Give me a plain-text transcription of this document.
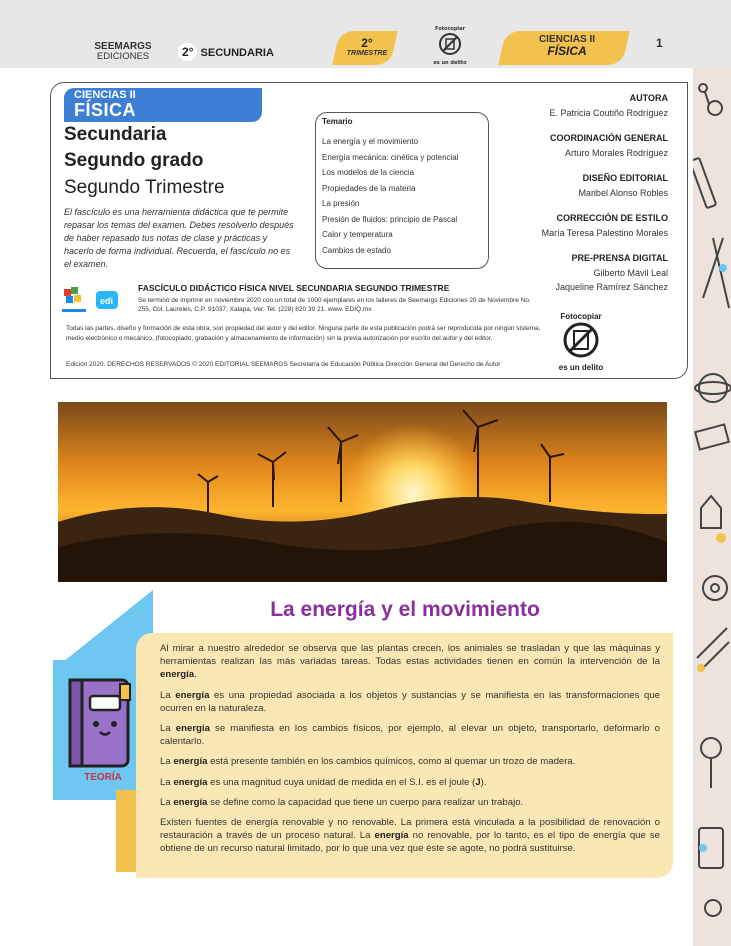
SEEMARGS
EDICIONES	2° SECUNDARIA
2°
TRIMESTRE
Fotocopiar
es un delito
CIENCIAS II
FÍSICA
1
CIENCIAS II
FÍSICA
Secundaria
Segundo grado
Segundo Trimestre
El fascículo es una herramienta didáctica que te permite repasar los temas del examen. Debes resolverlo después de haber repasado tus notas de clase y prácticas y hacerlo de forma individual. Recuerda, el fascículo no es el examen.
Temario
La energía y el movimiento
Energía mecánica: cinética y potencial
Los modelos de la ciencia
Propiedades de la materia
La presión
Presión de fluidos: principio de Pascal
Calor y temperatura
Cambios de estado
AUTORA
E. Patricia Coutiño Rodríguez
COORDINACIÓN GENERAL
Arturo Morales Rodríguez
DISEÑO EDITORIAL
Maribel Alonso Robles
CORRECCIÓN DE ESTILO
María Teresa Palestino Morales
PRE-PRENSA DIGITAL
Gilberto Mávil Leal
Jaqueline Ramírez Sánchez
edi
FASCÍCULO DIDÁCTICO FÍSICA NIVEL SECUNDARIA SEGUNDO TRIMESTRE
Se terminó de imprimir en noviembre 2020 con un total de 1000 ejemplares en los talleres de Seemargs Ediciones 20 de Noviembre No. 255, Col. Laureles, C.P. 91037, Xalapa, Ver. Tel. (228) 820 30 21. www. EDIQ.mx
Todas las partes, diseño y formación de esta obra, son propiedad del autor y del editor. Ninguna parte de esta publicación podrá ser reproducida por ningún sistema, medio electrónico o mecánico, (fotocopiado, grabación y almacenamiento de información) sin la previa autorización por escrito del autor y del editor.
Edición 2020. DERECHOS RESERVADOS © 2020 EDITORIAL SEEMARGS Secretaría de Educación Pública Dirección General del Derecho de Autor
Fotocopiar
es un delito
TEORÍA
La energía y el movimiento

Al mirar a nuestro alrededor se observa que las plantas crecen, los animales se trasladan y que las máquinas y herramientas realizan las más variadas tareas. Todas estas actividades tienen en común la intervención de la energía.

La energía es una propiedad asociada a los objetos y sustancias y se manifiesta en las transformaciones que ocurren en la naturaleza.

La energía se manifiesta en los cambios físicos, por ejemplo, al elevar un objeto, transportarlo, deformarlo o calentarlo.

La energía está presente también en los cambios químicos, como al quemar un trozo de madera.

La energía es una magnitud cuya unidad de medida en el S.I. es el joule (J).

La energía se define como la capacidad que tiene un cuerpo para realizar un trabajo.

Existen fuentes de energía renovable y no renovable. La primera está vinculada a la posibilidad de renovación o restauración a través de un proceso natural. La energía no renovable, por lo tanto, es el tipo de energía que se obtiene de un recurso natural limitado, por lo que una vez que éste se agote, no podrá sustituirse.
